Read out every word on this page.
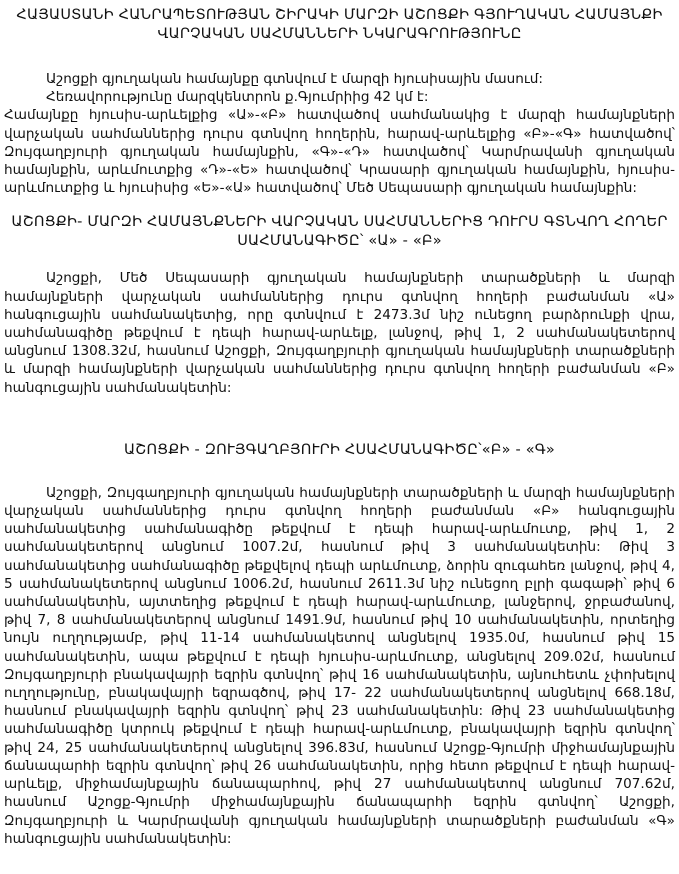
ՀԱՅԱՍՏԱՆԻ ՀԱՆՐԱՊԵՏՈՒԹՅԱՆ ՇԻՐԱԿԻ ՄԱՐԶԻ ԱՇՈՑՔԻ ԳՅՈՒՂԱԿԱՆ ՀԱՄԱՅՆՔԻ
ՎԱՐՉԱԿԱՆ ՍԱՀՄԱՆՆԵՐԻ ՆԿԱՐԱԳՐՈՒԹՅՈՒՆԸ

Աշոցքի գյուղական համայնքը գտնվում է մարզի հյուսիսային մասում:

Հեռավորությունը մարզկենտրոն ք.Գյումրիից 42 կմ է:

Համայնքը հյուսիս-արևելքից «Ա»-«Բ» հատվածով սահմանակից է մարզի համայնքների վարչական սահմաններից դուրս գտնվող հողերին, հարավ-արևելքից «Բ»-«Գ» հատվածով՝ Զույգաղբյուրի գյուղական համայնքին, «Գ»-«Դ» հատվածով՝ Կարմրավանի գյուղական համայնքին, արևմուտքից «Դ»-«Ե» հատվածով՝ Կրասարի գյուղական համայնքին, հյուսիս-արևմուտքից և հյուսիսից «Ե»-«Ա» հատվածով՝ Մեծ Սեպասարի գյուղական համայնքին:

ԱՇՈՑՔԻ- ՄԱՐԶԻ ՀԱՄԱՅՆՔՆԵՐԻ ՎԱՐՉԱԿԱՆ ՍԱՀՄԱՆՆԵՐԻՑ ԴՈՒՐՍ ԳՏՆՎՈՂ ՀՈՂԵՐ
ՍԱՀՄԱՆԱԳԻԾԸ՝ «Ա» - «Բ»

Աշոցքի, Մեծ Սեպասարի գյուղական համայնքների տարածքների և մարզի համայնքների վարչական սահմաններից դուրս գտնվող հողերի բաժանման «Ա» հանգուցային սահմանակետից, որը գտնվում է 2473.3մ նիշ ունեցող բարձրունքի վրա, սահմանագիծը թեքվում է դեպի հարավ-արևելք, լանջով, թիվ 1, 2 սահմանակետերով անցնում 1308.32մ, հասնում Աշոցքի, Զույգաղբյուրի գյուղական համայնքների տարածքների և մարզի համայնքների վարչական սահմաններից դուրս գտնվող հողերի բաժանման «Բ» հանգուցային սահմանակետին:

ԱՇՈՑՔԻ - ԶՈՒՅԳԱՂԲՅՈՒՐԻ ՀՍԱՀՄԱՆԱԳԻԾԸ՝«Բ» - «Գ»

Աշոցքի, Զույգաղբյուրի գյուղական համայնքների տարածքների և մարզի համայնքների վարչական սահմաններից դուրս գտնվող հողերի բաժանման «Բ» հանգուցային սահմանակետից սահմանագիծը թեքվում է դեպի հարավ-արևմուտք, թիվ 1, 2 սահմանակետերով անցնում 1007.2մ, հասնում թիվ 3 սահմանակետին: Թիվ 3 սահմանակետից սահմանագիծը թեքվելով դեպի արևմուտք, ձորին զուգահեռ լանջով, թիվ 4, 5 սահմանակետերով անցնում 1006.2մ, հասնում 2611.3մ նիշ ունեցող բլրի գագաթի՝ թիվ 6 սահմանակետին, այտտեղից թեքվում է դեպի հարավ-արևմուտք, լանջերով, ջրբաժանով, թիվ 7, 8 սահմանակետերով անցնում 1491.9մ, հասնում թիվ 10 սահմանակետին, որտեղից նույն ուղղությամբ, թիվ 11-14 սահմանակետով անցնելով 1935.0մ, հասնում թիվ 15 սահմանակետին, ապա թեքվում է դեպի հյուսիս-արևմուտք, անցնելով 209.02մ, հասնում Զույգաղբյուրի բնակավայրի եզրին գտնվող՝ թիվ 16 սահմանակետին, այնուհետև չփոխելով ուղղությունը, բնակավայրի եզրագծով, թիվ 17- 22 սահմանակետերով անցնելով 668.18մ, հասնում բնակավայրի եզրին գտնվող՝ թիվ 23 սահմանակետին: Թիվ 23 սահմանակետից սահմանագիծը կտրուկ թեքվում է դեպի հարավ-արևմուտք, բնակավայրի եզրին գտնվող՝ թիվ 24, 25 սահմանակետերով անցնելով 396.83մ, հասնում Աշոցք-Գյումրի միջհամայնքային ճանապարհի եզրին գտնվող՝ թիվ 26 սահմանակետին, որից հետո թեքվում է դեպի հարավ-արևելք, միջհամայնքային ճանապարհով, թիվ 27 սահմանակետով անցնում 707.62մ, հասնում Աշոցք-Գյումրի միջհամայնքային ճանապարհի եզրին գտնվող՝ Աշոցքի, Զույգաղբյուրի և Կարմրավանի գյուղական համայնքների տարածքների բաժանման «Գ» հանգուցային սահմանակետին:
